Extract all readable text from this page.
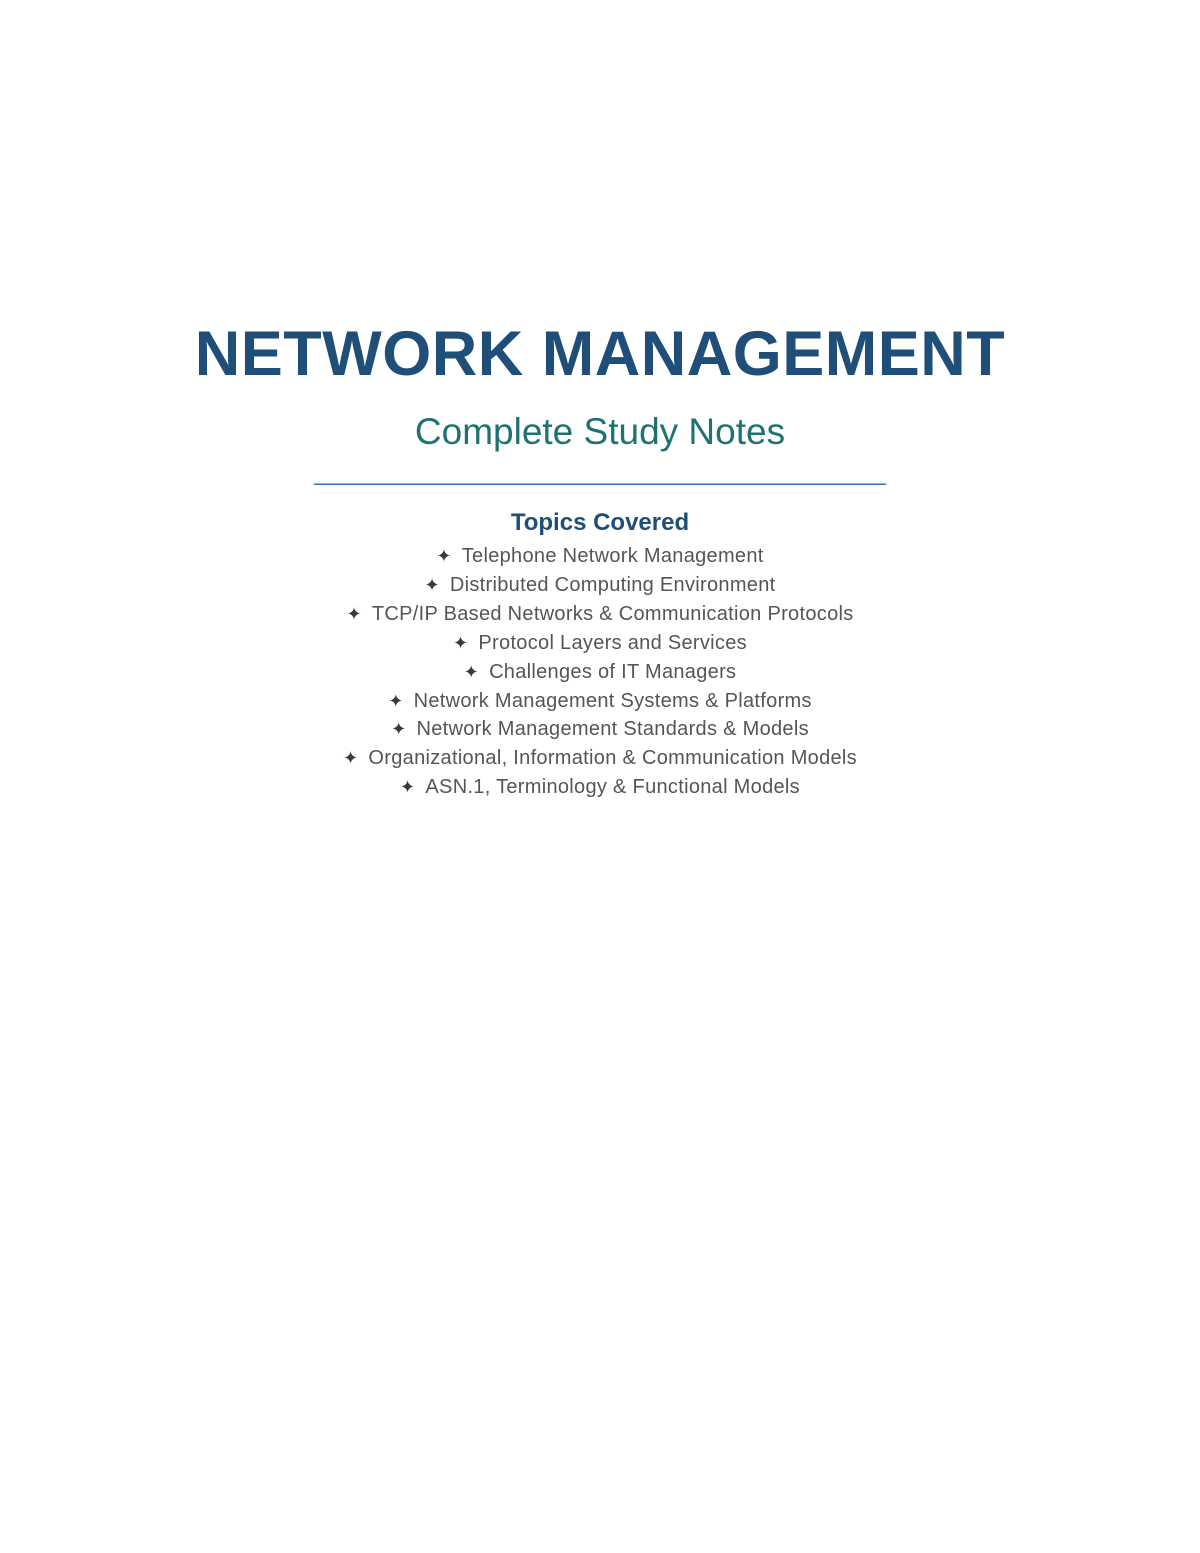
NETWORK MANAGEMENT
Complete Study Notes
——————————————————————————
Topics Covered
✦ Telephone Network Management
✦ Distributed Computing Environment
✦ TCP/IP Based Networks & Communication Protocols
✦ Protocol Layers and Services
✦ Challenges of IT Managers
✦ Network Management Systems & Platforms
✦ Network Management Standards & Models
✦ Organizational, Information & Communication Models
✦ ASN.1, Terminology & Functional Models
